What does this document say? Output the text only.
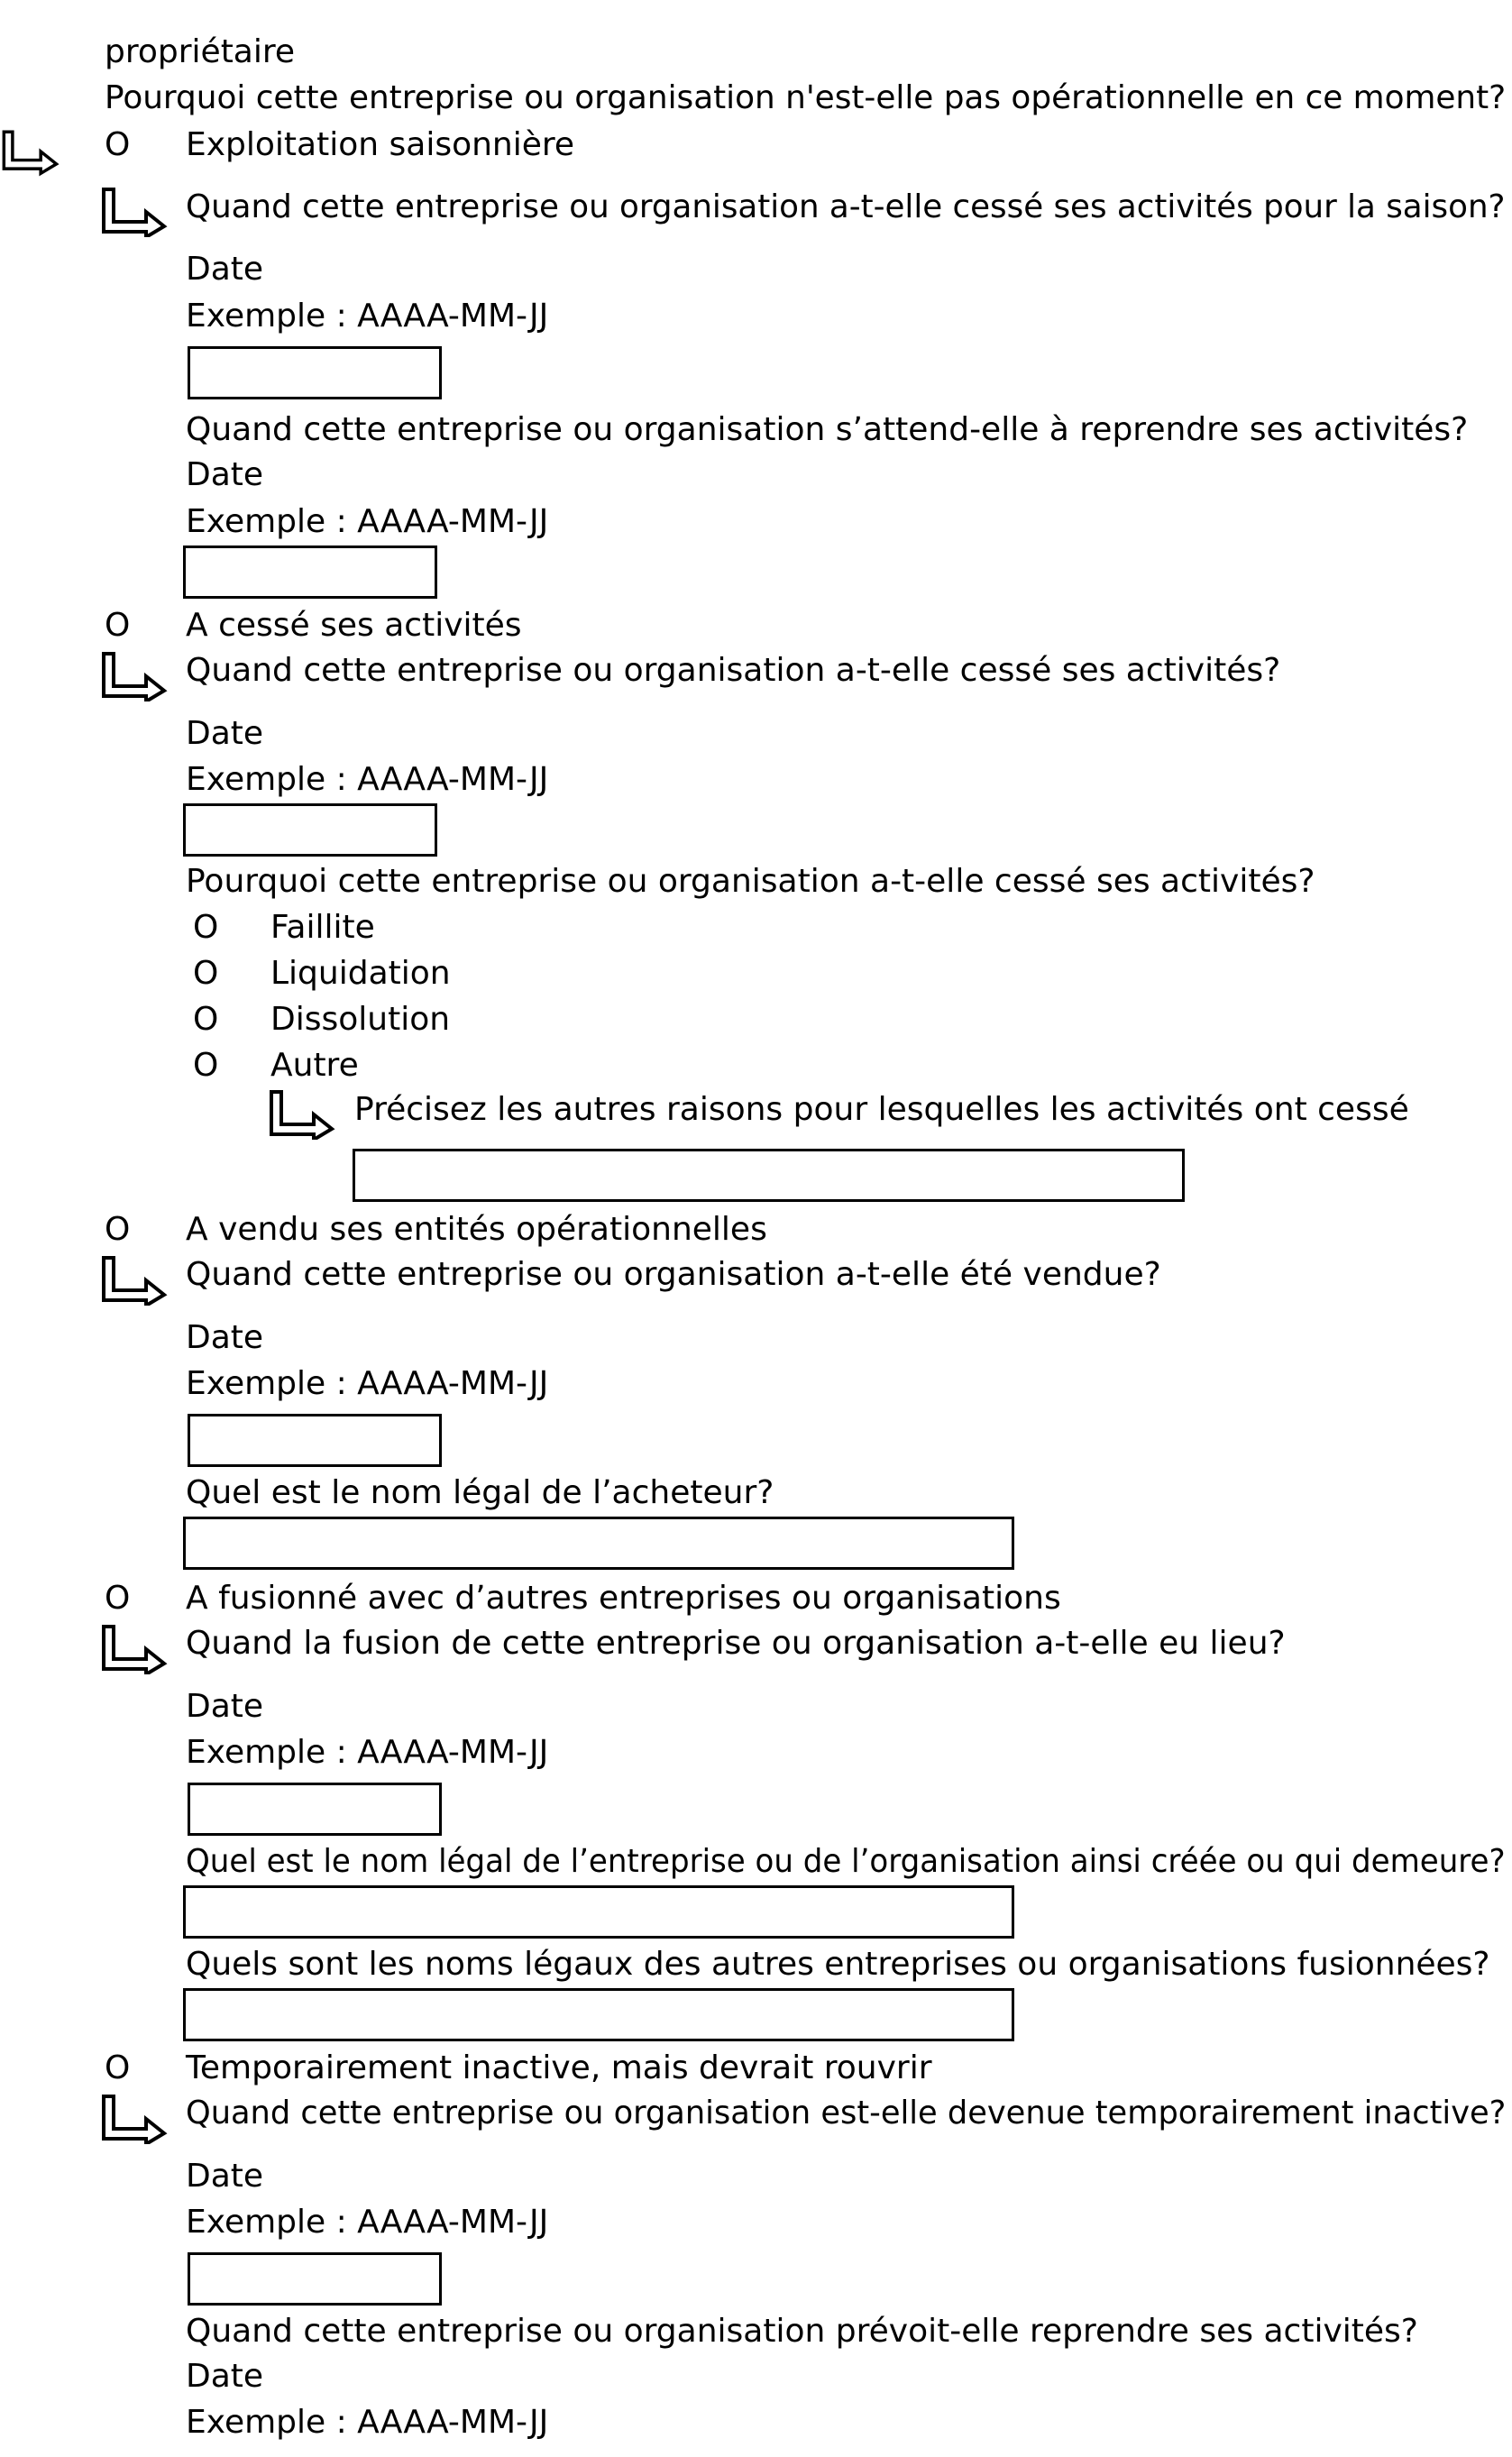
propriétaire
Pourquoi cette entreprise ou organisation n'est-elle pas opérationnelle en ce moment?
O Exploitation saisonnière
Quand cette entreprise ou organisation a-t-elle cessé ses activités pour la saison?
Date
Exemple : AAAA-MM-JJ
Quand cette entreprise ou organisation s’attend-elle à reprendre ses activités?
Date
Exemple : AAAA-MM-JJ
O A cessé ses activités
Quand cette entreprise ou organisation a-t-elle cessé ses activités?
Date
Exemple : AAAA-MM-JJ
Pourquoi cette entreprise ou organisation a-t-elle cessé ses activités?
O Faillite
O Liquidation
O Dissolution
O Autre
Précisez les autres raisons pour lesquelles les activités ont cessé
O A vendu ses entités opérationnelles
Quand cette entreprise ou organisation a-t-elle été vendue?
Date
Exemple : AAAA-MM-JJ
Quel est le nom légal de l’acheteur?
O A fusionné avec d’autres entreprises ou organisations
Quand la fusion de cette entreprise ou organisation a-t-elle eu lieu?
Date
Exemple : AAAA-MM-JJ
Quel est le nom légal de l’entreprise ou de l’organisation ainsi créée ou qui demeure?
Quels sont les noms légaux des autres entreprises ou organisations fusionnées?
O Temporairement inactive, mais devrait rouvrir
Quand cette entreprise ou organisation est-elle devenue temporairement inactive?
Date
Exemple : AAAA-MM-JJ
Quand cette entreprise ou organisation prévoit-elle reprendre ses activités?
Date
Exemple : AAAA-MM-JJ
